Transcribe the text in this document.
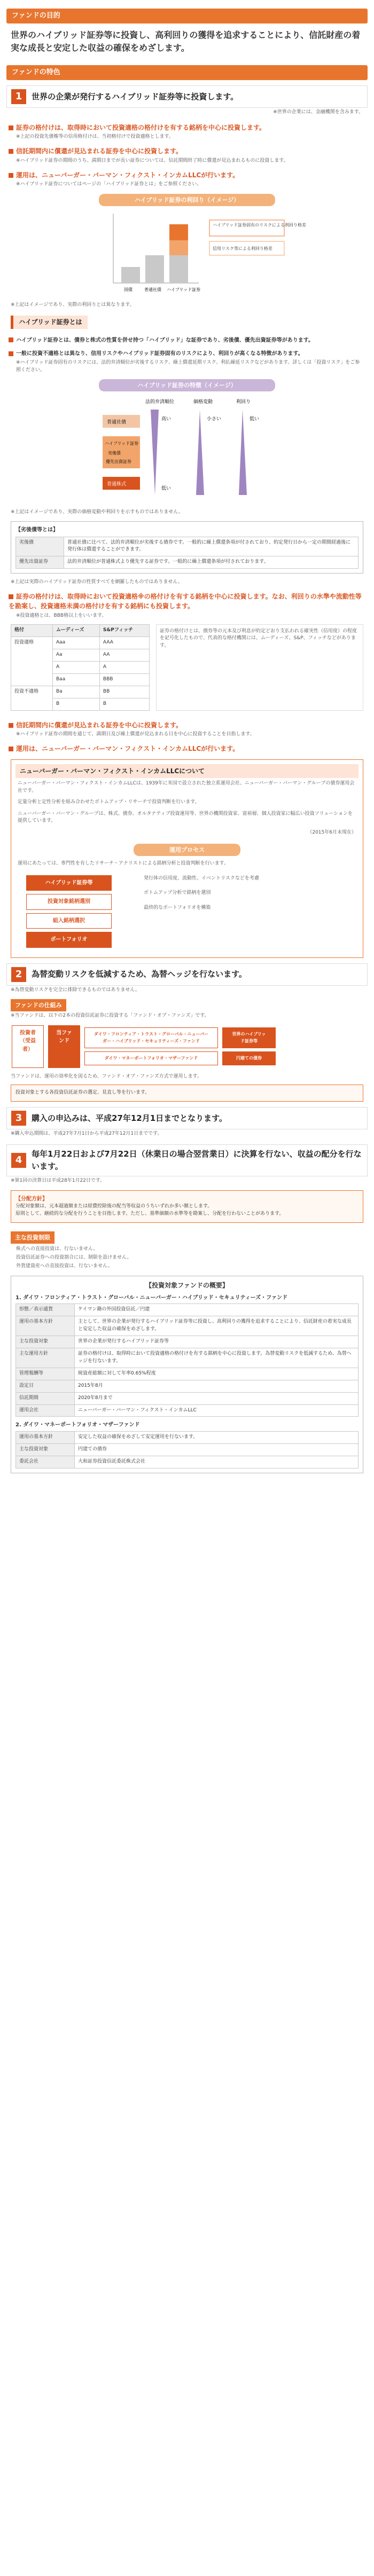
ファンドの目的
世界のハイブリッド証券等に投資し、高利回りの獲得を追求することにより、信託財産の着実な成長と安定した収益の確保をめざします。
ファンドの特色
1	世界の企業が発行するハイブリッド証券等に投資します。
※世界の企業には、金融機関を含みます。
証券の格付けは、取得時において投資適格の格付けを有する銘柄を中心に投資します。
※上記の投資先債権等の信用格付けは、当初格付けで投資適格とします。
信託期間内に償還が見込まれる証券を中心に投資します。
※ハイブリッド証券の期間のうち、満期日までが長い証券については、信託期間終了時に償還が見込まれるものに投資します。
運用は、ニューバーガー・バーマン・フィクスト・インカムLLCが行います。
※ハイブリッド証券についてはページの「ハイブリッド証券とは」をご参照ください。
ハイブリッド証券の利回り（イメージ）
ハイブリッド証券固有のリスクによる利回り格差
信用リスク等による利回り格差
国債	普通社債 ハイブリッド証券
※上記はイメージであり、実際の利回りとは異なります。
ハイブリッド証券とは
ハイブリッド証券とは、債券と株式の性質を併せ持つ「ハイブリッド」な証券であり、劣後債、優先出資証券等があります。
一般に投資不適格とは異なり、信用リスクやハイブリッド証券固有のリスクにより、利回りが高くなる特徴があります。
※ハイブリッド証券固有のリスクには、法的弁済順位が劣後するリスク、繰上償還延期リスク、利払繰延リスクなどがあります。詳しくは「投資リスク」をご参照ください。
ハイブリッド証券の特徴（イメージ）
法的弁済順位	価格変動	利回り
普通社債
ハイブリッド証券
劣後債
優先出資証券
普通株式
高い
低い
小さい	低い
※上記はイメージであり、実際の価格変動や利回りを示すものではありません。
【劣後債等とは】
劣後債	普通社債に比べて、法的弁済順位が劣後する債券です。一般的に繰上償還条項が付されており、約定発行日から一定の期間経過後に発行体は償還することができます。
優先出資証券	法的弁済順位が普通株式より優先する証券です。一般的に繰上償還条項が付されております。
※上記は実際のハイブリッド証券の性質すべてを網羅したものではありません。
証券の格付けは、取得時において投資適格※の格付けを有する銘柄を中心に投資します。なお、利回りの水準や流動性等を勘案し、投資適格未満の格付けを有する銘柄にも投資します。
※投資適格とは、BBB格以上をいいます。
格付	ムーディーズ	S&Pフィッチ
投資適格	Aaa	AAA
	Aa	AA
	A	A
	Baa	BBB
投資不適格	Ba	BB
	B	B
証券の格付けとは、債券等の元本及び利息が約定どおり支払われる確実性（信用度）の程度を記号化したもので、代表的な格付機関には、ムーディーズ、S&P、フィッチなどがあります。
信託期間内に償還が見込まれる証券を中心に投資します。
※ハイブリッド証券の期間を通じて、満期日及び繰上償還が見込まれる日を中心に投資することを目指します。
運用は、ニューバーガー・バーマン・フィクスト・インカムLLCが行います。
ニューバーガー・バーマン・フィクスト・インカムLLCについて
ニューバーガー・バーマン・フィクスト・インカムLLCは、1939年に米国で設立された独立系運用会社、ニューバーガー・バーマン・グループの債券運用会社です。
定量分析と定性分析を組み合わせたボトムアップ・リサーチで投資判断を行います。
ニューバーガー・バーマン・グループは、株式、債券、オルタナティブ投資運用等、世界の機関投資家、富裕層、個人投資家に幅広い投資ソリューションを提供しています。
（2015年6月末現在）
運用プロセス
運用にあたっては、専門性を有したリサーチ・アナリストによる銘柄分析と投資判断を行います。
ハイブリッド証券等
投資対象銘柄選別
組入銘柄選択
ポートフォリオ
発行体の信用度、流動性、イベントリスクなどを考慮
ボトムアップ分析で銘柄を選別
最終的なポートフォリオを構築
2	為替変動リスクを低減するため、為替ヘッジを行ないます。
※為替変動リスクを完全に排除できるものではありません。
ファンドの仕組み
※当ファンドは、以下の2本の投資信託証券に投資する「ファンド・オブ・ファンズ」です。
投資者（受益者）
当ファンド
ダイワ・フロンティア・トラスト・グローバル・ニューバーガー・ハイブリッド・セキュリティーズ・ファンド
ダイワ・マネーポートフォリオ・マザーファンド
世界のハイブリッド証券等
円建ての債券
当ファンドは、運用の効率化を図るため、ファンド・オブ・ファンズ方式で運用します。
投資対象とする各投資信託証券の選定、見直し等を行います。
3	購入の申込みは、平成27年12月1日までとなります。
※購入申込期間は、平成27年7月1日から平成27年12月1日までです。
4
毎年1月22日および7月22日（休業日の場合翌営業日）に決算を行ない、収益の配分を行ないます。
※第1回の決算日は平成28年1月22日です。
【分配方針】
分配対象額は、元本超過額または経費控除後の配当等収益のうちいずれか多い額とします。
原則として、継続的な分配を行うことを目指します。ただし、基準価額の水準等を勘案し、分配を行わないことがあります。
主な投資制限
株式への直接投資は、行ないません。
投資信託証券への投資割合には、制限を設けません。
外貨建資産への直接投資は、行ないません。
【投資対象ファンドの概要】
1. ダイワ・フロンティア・トラスト・グローバル・ニューバーガー・ハイブリッド・セキュリティーズ・ファンド
形態／表示通貨	ケイマン籍の外国投資信託／円建
運用の基本方針	主として、世界の企業が発行するハイブリッド証券等に投資し、高利回りの獲得を追求することにより、信託財産の着実な成長と安定した収益の確保をめざします。
主な投資対象	世界の企業が発行するハイブリッド証券等
主な運用方針	証券の格付けは、取得時において投資適格の格付けを有する銘柄を中心に投資します。為替変動リスクを低減するため、為替ヘッジを行ないます。
管理報酬等	純資産総額に対して年率0.65%程度
設定日	2015年8月
信託期間	2020年8月まで
運用会社	ニューバーガー・バーマン・フィクスト・インカムLLC
2. ダイワ・マネーポートフォリオ・マザーファンド
運用の基本方針	安定した収益の確保をめざして安定運用を行ないます。
主な投資対象	円建ての債券
委託会社	大和証券投資信託委託株式会社
